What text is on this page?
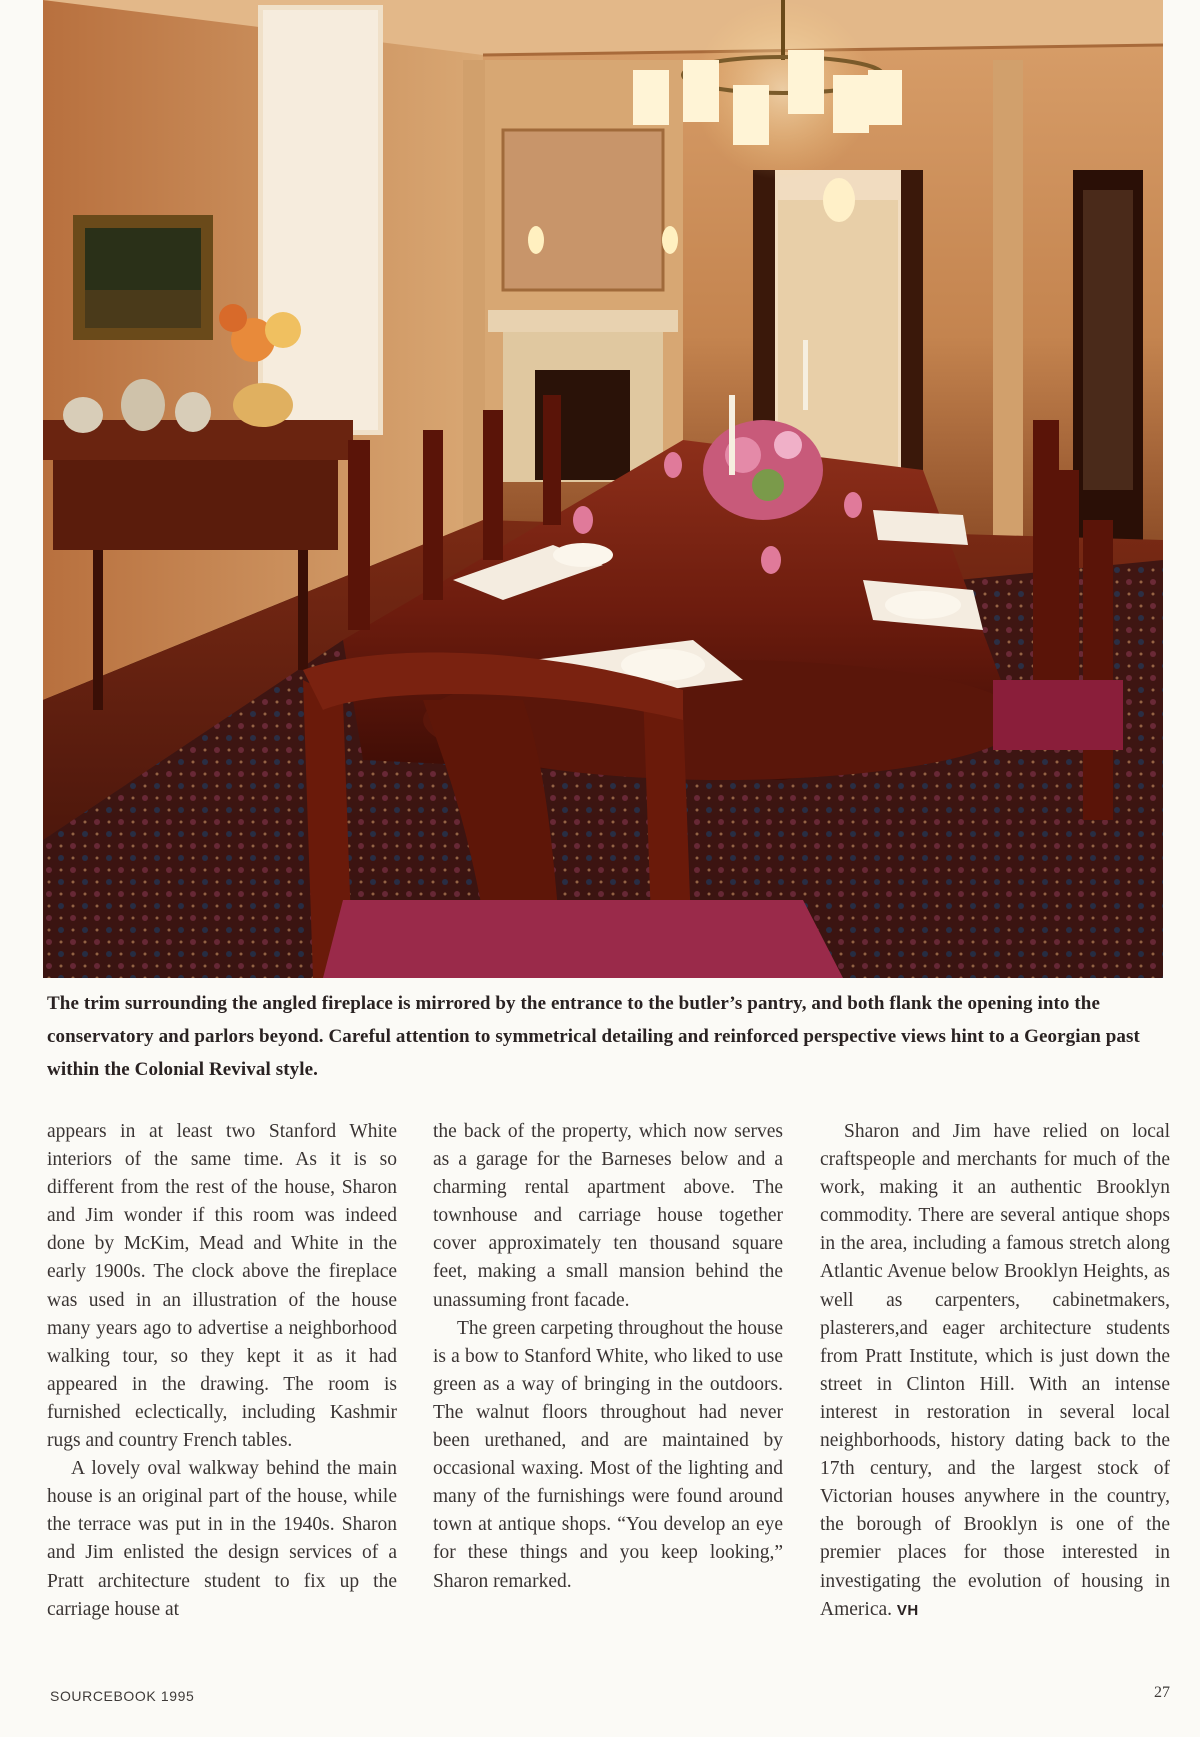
The trim surrounding the angled fireplace is mirrored by the entrance to the butler’s pantry, and both flank the opening into the conservatory and parlors beyond. Careful attention to symmetrical detailing and reinforced perspective views hint to a Georgian past within the Colonial Revival style.

appears in at least two Stanford White interiors of the same time. As it is so different from the rest of the house, Sharon and Jim wonder if this room was indeed done by McKim, Mead and White in the early 1900s. The clock above the fireplace was used in an illustration of the house many years ago to advertise a neighborhood walking tour, so they kept it as it had appeared in the drawing. The room is furnished eclectically, including Kashmir rugs and country French tables.

A lovely oval walkway behind the main house is an original part of the house, while the terrace was put in in the 1940s. Sharon and Jim enlisted the design services of a Pratt architecture student to fix up the carriage house at

the back of the property, which now serves as a garage for the Barneses below and a charming rental apartment above. The townhouse and carriage house together cover approximately ten thousand square feet, making a small mansion behind the unassuming front facade.

The green carpeting throughout the house is a bow to Stanford White, who liked to use green as a way of bringing in the outdoors. The walnut floors throughout had never been urethaned, and are maintained by occasional waxing. Most of the lighting and many of the furnishings were found around town at antique shops. “You develop an eye for these things and you keep looking,” Sharon remarked.

Sharon and Jim have relied on local craftspeople and merchants for much of the work, making it an authentic Brooklyn commodity. There are several antique shops in the area, including a famous stretch along Atlantic Avenue below Brooklyn Heights, as well as carpenters, cabinetmakers, plasterers,and eager architecture students from Pratt Institute, which is just down the street in Clinton Hill. With an intense interest in restoration in several local neighborhoods, history dating back to the 17th century, and the largest stock of Victorian houses anywhere in the country, the borough of Brooklyn is one of the premier places for those interested in investigating the evolution of housing in America. VH

SOURCEBOOK 1995	27
